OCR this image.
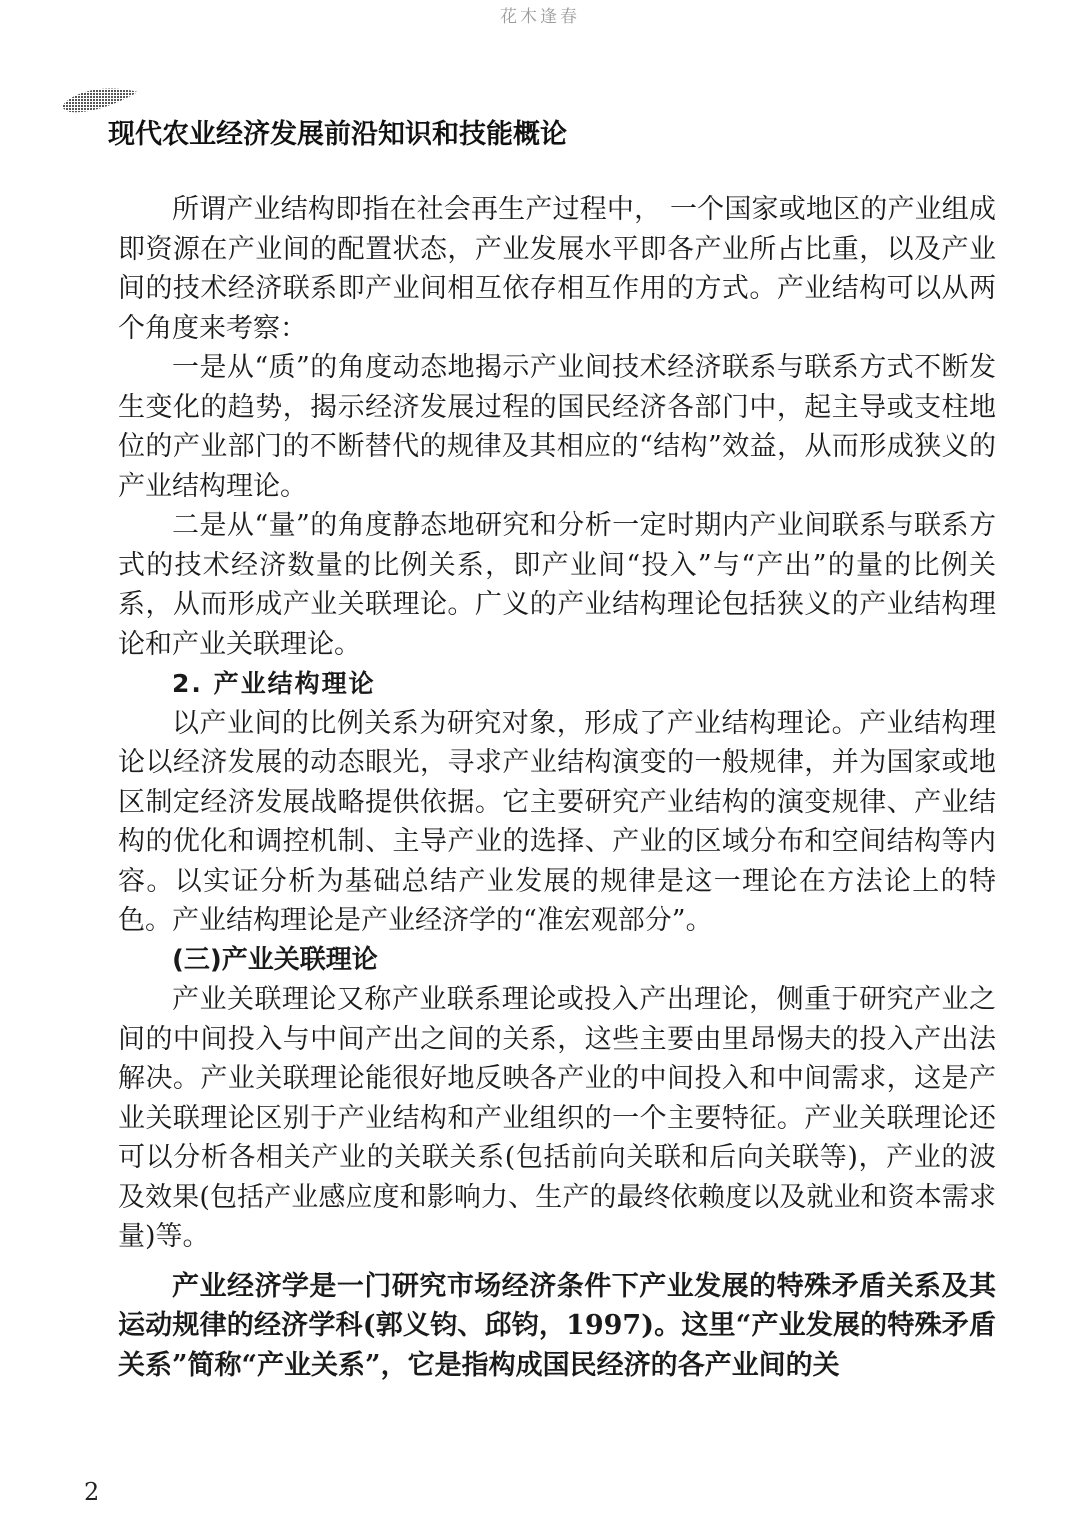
花木逢春
现代农业经济发展前沿知识和技能概论

所谓产业结构即指在社会再生产过程中， 一个国家或地区的产业组成即资源在产业间的配置状态，产业发展水平即各产业所占比重，以及产业间的技术经济联系即产业间相互依存相互作用的方式。产业结构可以从两个角度来考察：

一是从“质”的角度动态地揭示产业间技术经济联系与联系方式不断发生变化的趋势，揭示经济发展过程的国民经济各部门中，起主导或支柱地位的产业部门的不断替代的规律及其相应的“结构”效益，从而形成狭义的产业结构理论。

二是从“量”的角度静态地研究和分析一定时期内产业间联系与联系方式的技术经济数量的比例关系，即产业间“投入”与“产出”的量的比例关系，从而形成产业关联理论。广义的产业结构理论包括狭义的产业结构理论和产业关联理论。

2. 产业结构理论

以产业间的比例关系为研究对象，形成了产业结构理论。产业结构理论以经济发展的动态眼光，寻求产业结构演变的一般规律，并为国家或地区制定经济发展战略提供依据。它主要研究产业结构的演变规律、产业结构的优化和调控机制、主导产业的选择、产业的区域分布和空间结构等内容。以实证分析为基础总结产业发展的规律是这一理论在方法论上的特色。产业结构理论是产业经济学的“准宏观部分”。

(三)产业关联理论

产业关联理论又称产业联系理论或投入产出理论，侧重于研究产业之间的中间投入与中间产出之间的关系，这些主要由里昂惕夫的投入产出法解决。产业关联理论能很好地反映各产业的中间投入和中间需求，这是产业关联理论区别于产业结构和产业组织的一个主要特征。产业关联理论还可以分析各相关产业的关联关系(包括前向关联和后向关联等)，产业的波及效果(包括产业感应度和影响力、生产的最终依赖度以及就业和资本需求量)等。

产业经济学是一门研究市场经济条件下产业发展的特殊矛盾关系及其运动规律的经济学科(郭义钧、邱钧，1997)。这里“产业发展的特殊矛盾关系”简称“产业关系”，它是指构成国民经济的各产业间的关

2
